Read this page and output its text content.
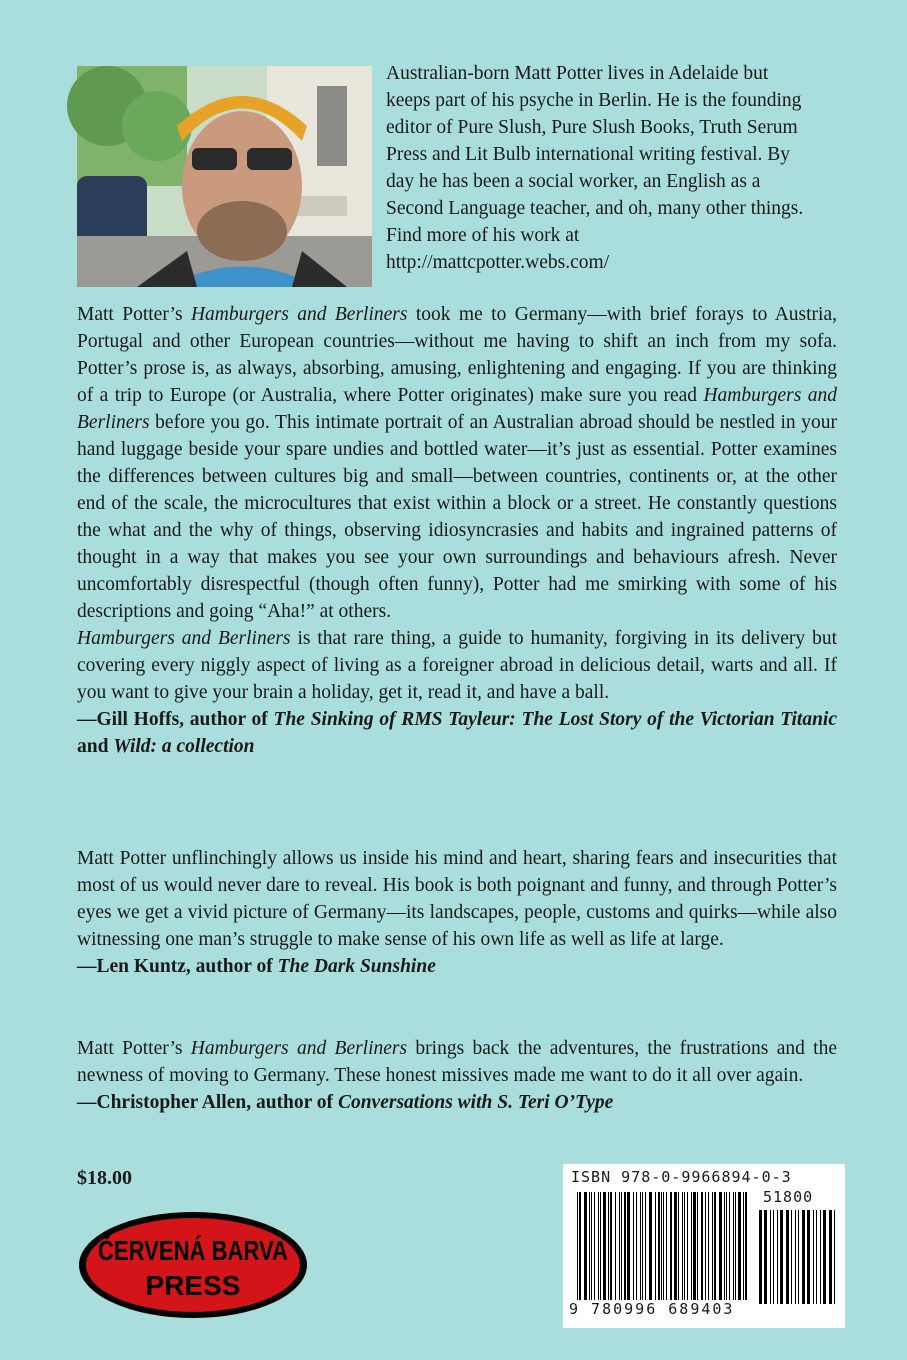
Australian-born Matt Potter lives in Adelaide but keeps part of his psyche in Berlin. He is the founding editor of Pure Slush, Pure Slush Books, Truth Serum Press and Lit Bulb international writing festival. By day he has been a social worker, an English as a Second Language teacher, and oh, many other things. Find more of his work at http://mattcpotter.webs.com/

Matt Potter’s Hamburgers and Berliners took me to Germany—with brief forays to Austria, Portugal and other European countries—without me having to shift an inch from my sofa. Potter’s prose is, as always, absorbing, amusing, enlightening and engaging. If you are thinking of a trip to Europe (or Australia, where Potter originates) make sure you read Hamburgers and Berliners before you go. This intimate portrait of an Australian abroad should be nestled in your hand luggage beside your spare undies and bottled water—it’s just as essential. Potter examines the differences between cultures big and small—between countries, continents or, at the other end of the scale, the microcultures that exist within a block or a street. He constantly questions the what and the why of things, observing idiosyncrasies and habits and ingrained patterns of thought in a way that makes you see your own surroundings and behaviours afresh. Never uncomfortably disrespectful (though often funny), Potter had me smirking with some of his descriptions and going “Aha!” at others.

Hamburgers and Berliners is that rare thing, a guide to humanity, forgiving in its delivery but covering every niggly aspect of living as a foreigner abroad in delicious detail, warts and all. If you want to give your brain a holiday, get it, read it, and have a ball.

—Gill Hoffs, author of The Sinking of RMS Tayleur: The Lost Story of the Victorian Titanic and Wild: a collection

Matt Potter unflinchingly allows us inside his mind and heart, sharing fears and insecurities that most of us would never dare to reveal. His book is both poignant and funny, and through Potter’s eyes we get a vivid picture of Germany—its landscapes, people, customs and quirks—while also witnessing one man’s struggle to make sense of his own life as well as life at large.

—Len Kuntz, author of The Dark Sunshine

Matt Potter’s Hamburgers and Berliners brings back the adventures, the frustrations and the newness of moving to Germany. These honest missives made me want to do it all over again.

—Christopher Allen, author of Conversations with S. Teri O’Type

$18.00
ČERVENÁ BARVA
PRESS
ISBN 978-0-9966894-0-3
51800
9 780996 689403
